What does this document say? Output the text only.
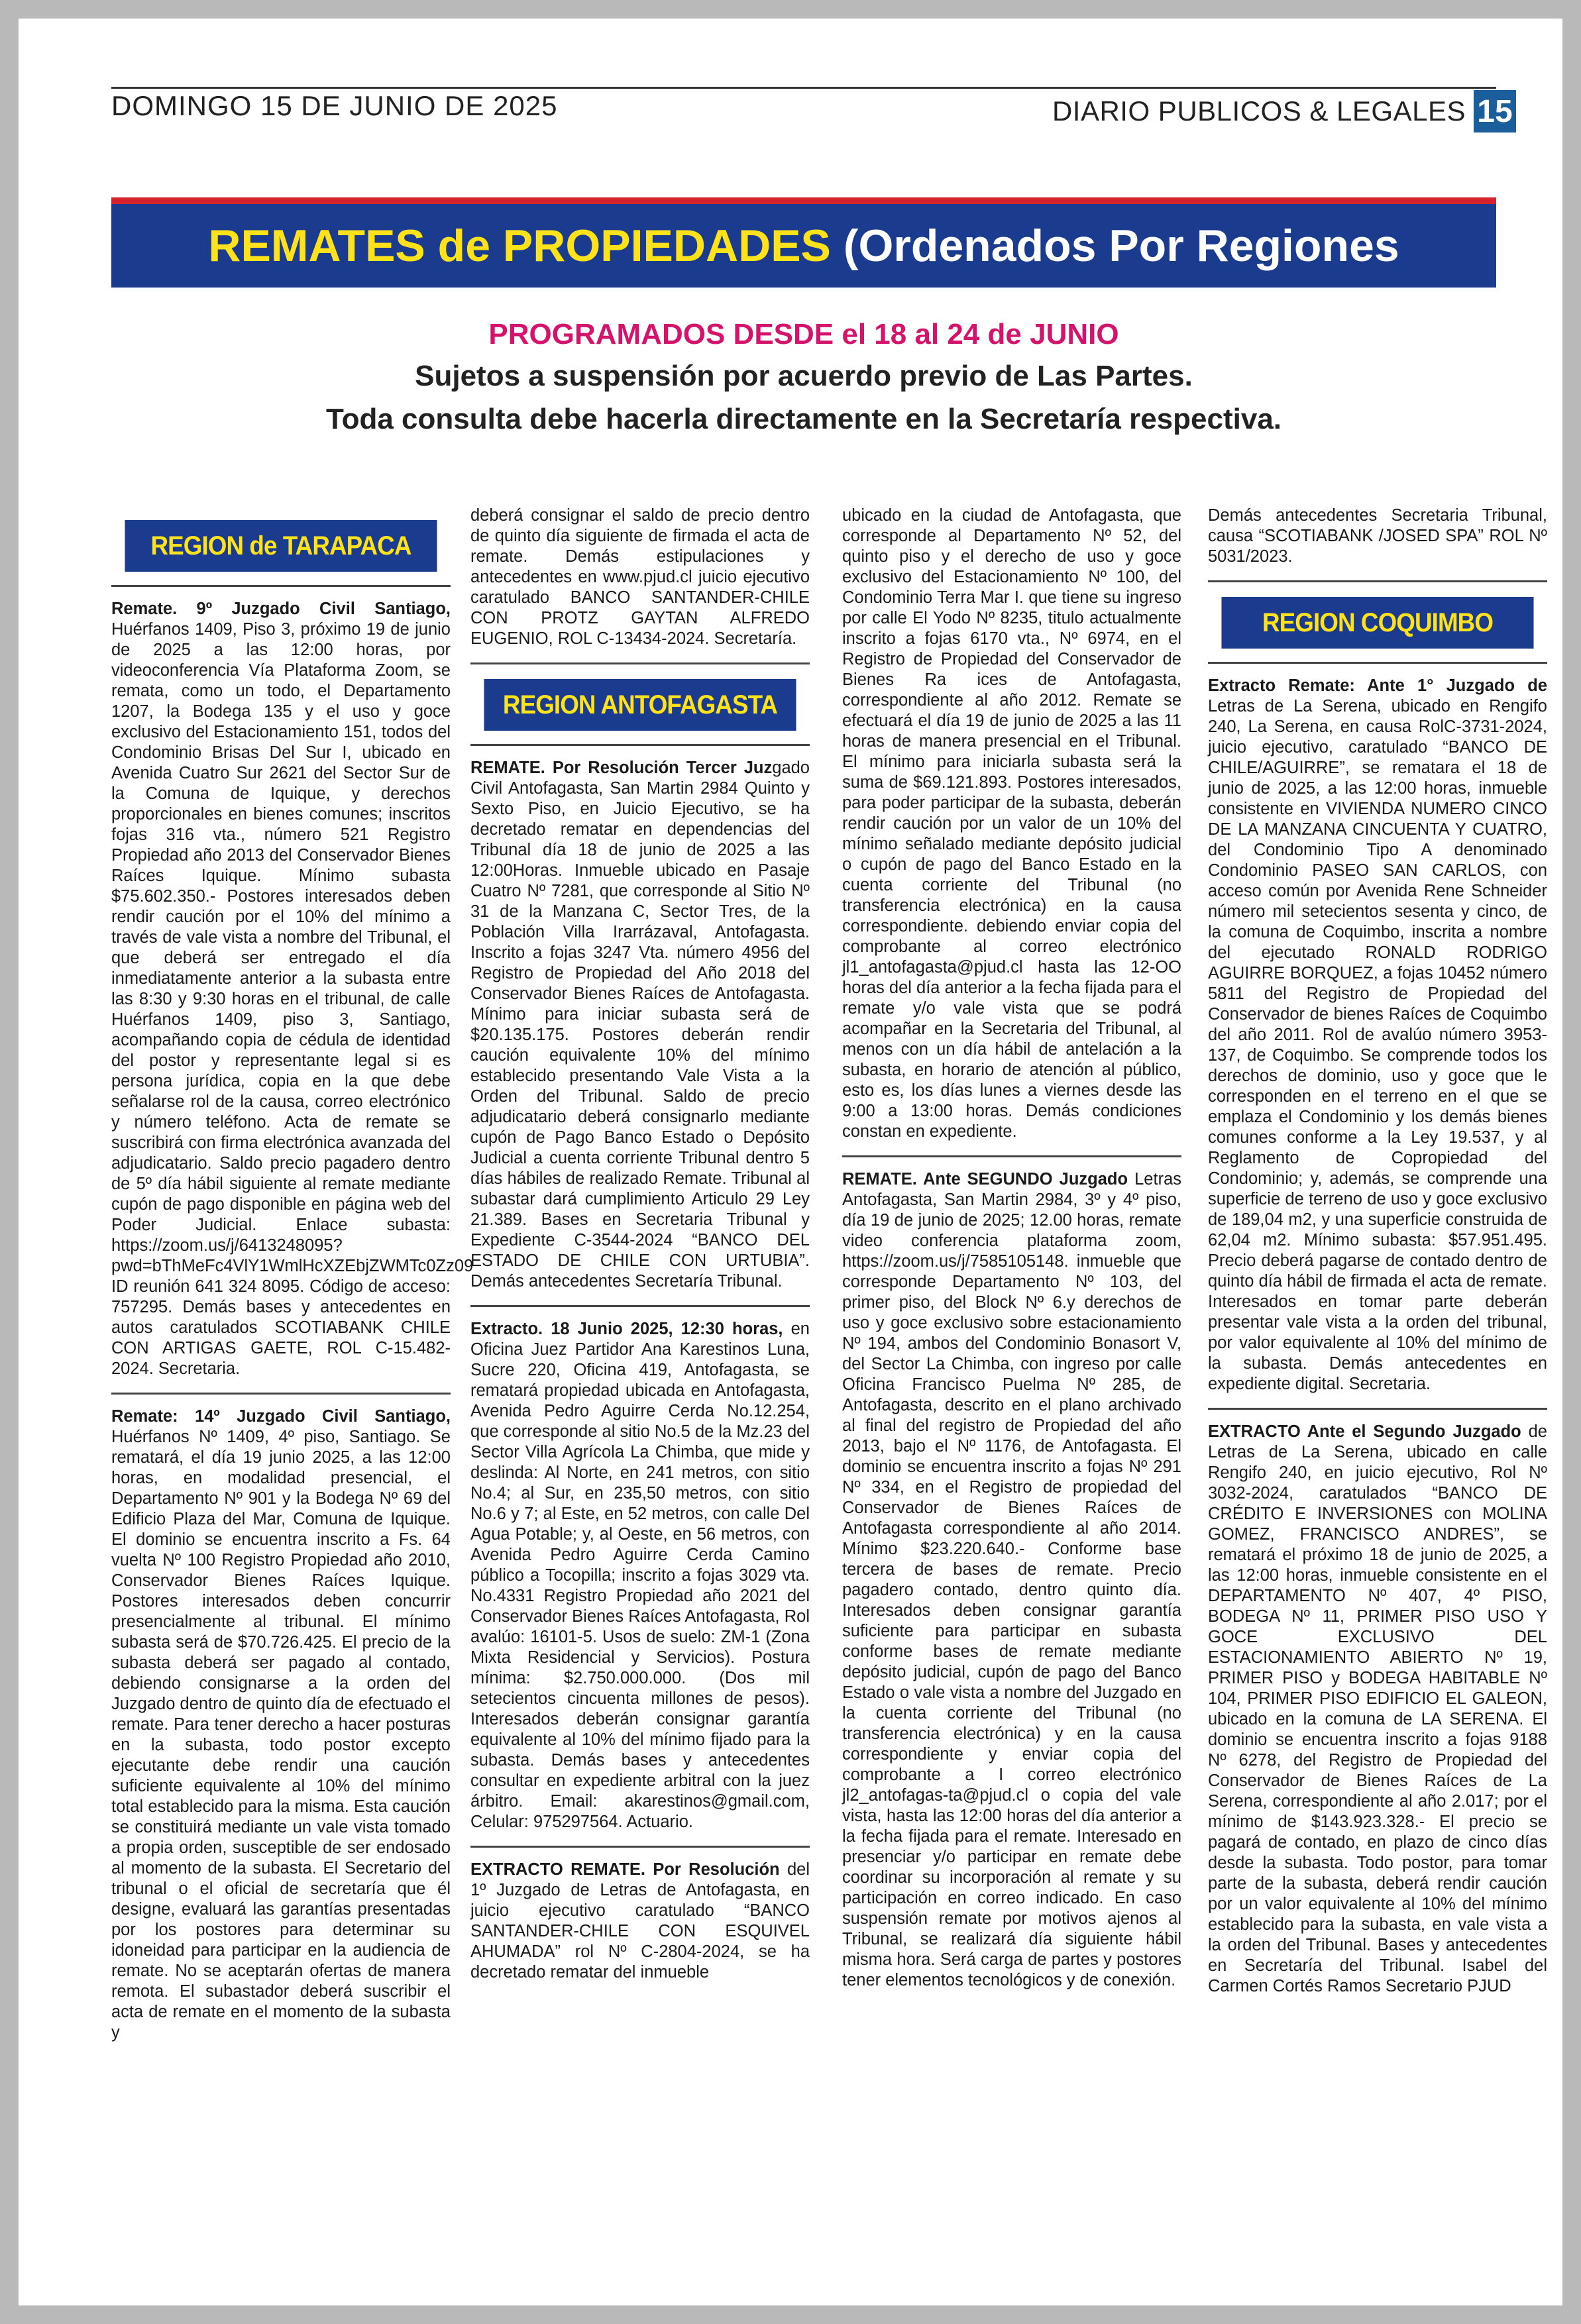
DOMINGO 15 DE JUNIO DE 2025	DIARIO PUBLICOS & LEGALES 15
REMATES de PROPIEDADES
(Ordenados Por Regiones
PROGRAMADOS DESDE el 18 al 24 de JUNIO
Sujetos a suspensión por acuerdo previo de Las Partes.
Toda consulta debe hacerla directamente en la Secretaría respectiva.
REGION de TARAPACA

Remate. 9º Juzgado Civil Santiago, Huérfanos 1409, Piso 3, próximo 19 de junio de 2025 a las 12:00 horas, por videoconferencia Vía Plataforma Zoom, se remata, como un todo, el Departamento 1207, la Bodega 135 y el uso y goce exclusivo del Estacionamiento 151, todos del Condominio Brisas Del Sur I, ubicado en Avenida Cuatro Sur 2621 del Sector Sur de la Comuna de Iquique, y derechos proporcionales en bienes comunes; inscritos fojas 316 vta., número 521 Registro Propiedad año 2013 del Conservador Bienes Raíces Iquique. Mínimo subasta $75.602.350.- Postores interesados deben rendir caución por el 10% del mínimo a través de vale vista a nombre del Tribunal, el que deberá ser entregado el día inmediatamente anterior a la subasta entre las 8:30 y 9:30 horas en el tribunal, de calle Huérfanos 1409, piso 3, Santiago, acompañando copia de cédula de identidad del postor y representante legal si es persona jurídica, copia en la que debe señalarse rol de la causa, correo electrónico y número teléfono. Acta de remate se suscribirá con firma electrónica avanzada del adjudicatario. Saldo precio pagadero dentro de 5º día hábil siguiente al remate mediante cupón de pago disponible en página web del Poder Judicial. Enlace subasta: https://zoom.us/j/6413248095?pwd=bThMeFc4VlY1WmlHcXZEbjZWMTc0Zz09 ID reunión 641 324 8095. Código de acceso: 757295. Demás bases y antecedentes en autos caratulados SCOTIABANK CHILE CON ARTIGAS GAETE, ROL C-15.482-2024. Secretaria.

Remate: 14º Juzgado Civil Santiago, Huérfanos Nº 1409, 4º piso, Santiago. Se rematará, el día 19 junio 2025, a las 12:00 horas, en modalidad presencial, el Departamento Nº 901 y la Bodega Nº 69 del Edificio Plaza del Mar, Comuna de Iquique. El dominio se encuentra inscrito a Fs. 64 vuelta Nº 100 Registro Propiedad año 2010, Conservador Bienes Raíces Iquique. Postores interesados deben concurrir presencialmente al tribunal. El mínimo subasta será de $70.726.425. El precio de la subasta deberá ser pagado al contado, debiendo consignarse a la orden del Juzgado dentro de quinto día de efectuado el remate. Para tener derecho a hacer posturas en la subasta, todo postor excepto ejecutante debe rendir una caución suficiente equivalente al 10% del mínimo total establecido para la misma. Esta caución se constituirá mediante un vale vista tomado a propia orden, susceptible de ser endosado al momento de la subasta. El Secretario del tribunal o el oficial de secretaría que él designe, evaluará las garantías presentadas por los postores para determinar su idoneidad para participar en la audiencia de remate. No se aceptarán ofertas de manera remota. El subastador deberá suscribir el acta de remate en el momento de la subasta y

deberá consignar el saldo de precio dentro de quinto día siguiente de firmada el acta de remate. Demás estipulaciones y antecedentes en www.pjud.cl juicio ejecutivo caratulado BANCO SANTANDER-CHILE CON PROTZ GAYTAN ALFREDO EUGENIO, ROL C-13434-2024. Secretaría.

REGION ANTOFAGASTA

REMATE. Por Resolución Tercer Juzgado Civil Antofagasta, San Martin 2984 Quinto y Sexto Piso, en Juicio Ejecutivo, se ha decretado rematar en dependencias del Tribunal día 18 de junio de 2025 a las 12:00Horas. Inmueble ubicado en Pasaje Cuatro Nº 7281, que corresponde al Sitio Nº 31 de la Manzana C, Sector Tres, de la Población Villa Irarrázaval, Antofagasta. Inscrito a fojas 3247 Vta. número 4956 del Registro de Propiedad del Año 2018 del Conservador Bienes Raíces de Antofagasta. Mínimo para iniciar subasta será de $20.135.175. Postores deberán rendir caución equivalente 10% del mínimo establecido presentando Vale Vista a la Orden del Tribunal. Saldo de precio adjudicatario deberá consignarlo mediante cupón de Pago Banco Estado o Depósito Judicial a cuenta corriente Tribunal dentro 5 días hábiles de realizado Remate. Tribunal al subastar dará cumplimiento Articulo 29 Ley 21.389. Bases en Secretaria Tribunal y Expediente C-3544-2024 “BANCO DEL ESTADO DE CHILE CON URTUBIA”. Demás antecedentes Secretaría Tribunal.

Extracto. 18 Junio 2025, 12:30 horas, en Oficina Juez Partidor Ana Karestinos Luna, Sucre 220, Oficina 419, Antofagasta, se rematará propiedad ubicada en Antofagasta, Avenida Pedro Aguirre Cerda No.12.254, que corresponde al sitio No.5 de la Mz.23 del Sector Villa Agrícola La Chimba, que mide y deslinda: Al Norte, en 241 metros, con sitio No.4; al Sur, en 235,50 metros, con sitio No.6 y 7; al Este, en 52 metros, con calle Del Agua Potable; y, al Oeste, en 56 metros, con Avenida Pedro Aguirre Cerda Camino público a Tocopilla; inscrito a fojas 3029 vta. No.4331 Registro Propiedad año 2021 del Conservador Bienes Raíces Antofagasta, Rol avalúo: 16101-5. Usos de suelo: ZM-1 (Zona Mixta Residencial y Servicios). Postura mínima: $2.750.000.000. (Dos mil setecientos cincuenta millones de pesos). Interesados deberán consignar garantía equivalente al 10% del mínimo fijado para la subasta. Demás bases y antecedentes consultar en expediente arbitral con la juez árbitro. Email: akarestinos@gmail.com, Celular: 975297564. Actuario.

EXTRACTO REMATE. Por Resolución del 1º Juzgado de Letras de Antofagasta, en juicio ejecutivo caratulado “BANCO SANTANDER-CHILE CON ESQUIVEL AHUMADA” rol Nº C-2804-2024, se ha decretado rematar del inmueble

ubicado en la ciudad de Antofagasta, que corresponde al Departamento Nº 52, del quinto piso y el derecho de uso y goce exclusivo del Estacionamiento Nº 100, del Condominio Terra Mar I. que tiene su ingreso por calle El Yodo Nº 8235, titulo actualmente inscrito a fojas 6170 vta., Nº 6974, en el Registro de Propiedad del Conservador de Bienes Ra ices de Antofagasta, correspondiente al año 2012. Remate se efectuará el día 19 de junio de 2025 a las 11 horas de manera presencial en el Tribunal. El mínimo para iniciarla subasta será la suma de $69.121.893. Postores interesados, para poder participar de la subasta, deberán rendir caución por un valor de un 10% del mínimo señalado mediante depósito judicial o cupón de pago del Banco Estado en la cuenta corriente del Tribunal (no transferencia electrónica) en la causa correspondiente. debiendo enviar copia del comprobante al correo electrónico jl1_antofagasta@pjud.cl hasta las 12-OO horas del día anterior a la fecha fijada para el remate y/o vale vista que se podrá acompañar en la Secretaria del Tribunal, al menos con un día hábil de antelación a la subasta, en horario de atención al público, esto es, los días lunes a viernes desde las 9:00 a 13:00 horas. Demás condiciones constan en expediente.

REMATE. Ante SEGUNDO Juzgado Letras Antofagasta, San Martin 2984, 3º y 4º piso, día 19 de junio de 2025; 12.00 horas, remate video conferencia plataforma zoom, https://zoom.us/j/7585105148. inmueble que corresponde Departamento Nº 103, del primer piso, del Block Nº 6.y derechos de uso y goce exclusivo sobre estacionamiento Nº 194, ambos del Condominio Bonasort V, del Sector La Chimba, con ingreso por calle Oficina Francisco Puelma Nº 285, de Antofagasta, descrito en el plano archivado al final del registro de Propiedad del año 2013, bajo el Nº 1176, de Antofagasta. El dominio se encuentra inscrito a fojas Nº 291 Nº 334, en el Registro de propiedad del Conservador de Bienes Raíces de Antofagasta correspondiente al año 2014. Mínimo $23.220.640.- Conforme base tercera de bases de remate. Precio pagadero contado, dentro quinto día. Interesados deben consignar garantía suficiente para participar en subasta conforme bases de remate mediante depósito judicial, cupón de pago del Banco Estado o vale vista a nombre del Juzgado en la cuenta corriente del Tribunal (no transferencia electrónica) y en la causa correspondiente y enviar copia del comprobante a I correo electrónico jl2_antofagas-ta@pjud.cl o copia del vale vista, hasta las 12:00 horas del día anterior a la fecha fijada para el remate. Interesado en presenciar y/o participar en remate debe coordinar su incorporación al remate y su participación en correo indicado. En caso suspensión remate por motivos ajenos al Tribunal, se realizará día siguiente hábil misma hora. Será carga de partes y postores tener elementos tecnológicos y de conexión.

Demás antecedentes Secretaria Tribunal, causa “SCOTIABANK /JOSED SPA” ROL Nº 5031/2023.

REGION COQUIMBO

Extracto Remate: Ante 1° Juzgado de Letras de La Serena, ubicado en Rengifo 240, La Serena, en causa RolC-3731-2024, juicio ejecutivo, caratulado “BANCO DE CHILE/AGUIRRE”, se rematara el 18 de junio de 2025, a las 12:00 horas, inmueble consistente en VIVIENDA NUMERO CINCO DE LA MANZANA CINCUENTA Y CUATRO, del Condominio Tipo A denominado Condominio PASEO SAN CARLOS, con acceso común por Avenida Rene Schneider número mil setecientos sesenta y cinco, de la comuna de Coquimbo, inscrita a nombre del ejecutado RONALD RODRIGO AGUIRRE BORQUEZ, a fojas 10452 número 5811 del Registro de Propiedad del Conservador de bienes Raíces de Coquimbo del año 2011. Rol de avalúo número 3953-137, de Coquimbo. Se comprende todos los derechos de dominio, uso y goce que le corresponden en el terreno en el que se emplaza el Condominio y los demás bienes comunes conforme a la Ley 19.537, y al Reglamento de Copropiedad del Condominio; y, además, se comprende una superficie de terreno de uso y goce exclusivo de 189,04 m2, y una superficie construida de 62,04 m2. Mínimo subasta: $57.951.495. Precio deberá pagarse de contado dentro de quinto día hábil de firmada el acta de remate. Interesados en tomar parte deberán presentar vale vista a la orden del tribunal, por valor equivalente al 10% del mínimo de la subasta. Demás antecedentes en expediente digital. Secretaria.

EXTRACTO Ante el Segundo Juzgado de Letras de La Serena, ubicado en calle Rengifo 240, en juicio ejecutivo, Rol Nº 3032-2024, caratulados “BANCO DE CRÉDITO E INVERSIONES con MOLINA GOMEZ, FRANCISCO ANDRES”, se rematará el próximo 18 de junio de 2025, a las 12:00 horas, inmueble consistente en el DEPARTAMENTO Nº 407, 4º PISO, BODEGA Nº 11, PRIMER PISO USO Y GOCE EXCLUSIVO DEL ESTACIONAMIENTO ABIERTO Nº 19, PRIMER PISO y BODEGA HABITABLE Nº 104, PRIMER PISO EDIFICIO EL GALEON, ubicado en la comuna de LA SERENA. El dominio se encuentra inscrito a fojas 9188 Nº 6278, del Registro de Propiedad del Conservador de Bienes Raíces de La Serena, correspondiente al año 2.017; por el mínimo de $143.923.328.- El precio se pagará de contado, en plazo de cinco días desde la subasta. Todo postor, para tomar parte de la subasta, deberá rendir caución por un valor equivalente al 10% del mínimo establecido para la subasta, en vale vista a la orden del Tribunal. Bases y antecedentes en Secretaría del Tribunal. Isabel del Carmen Cortés Ramos Secretario PJUD
